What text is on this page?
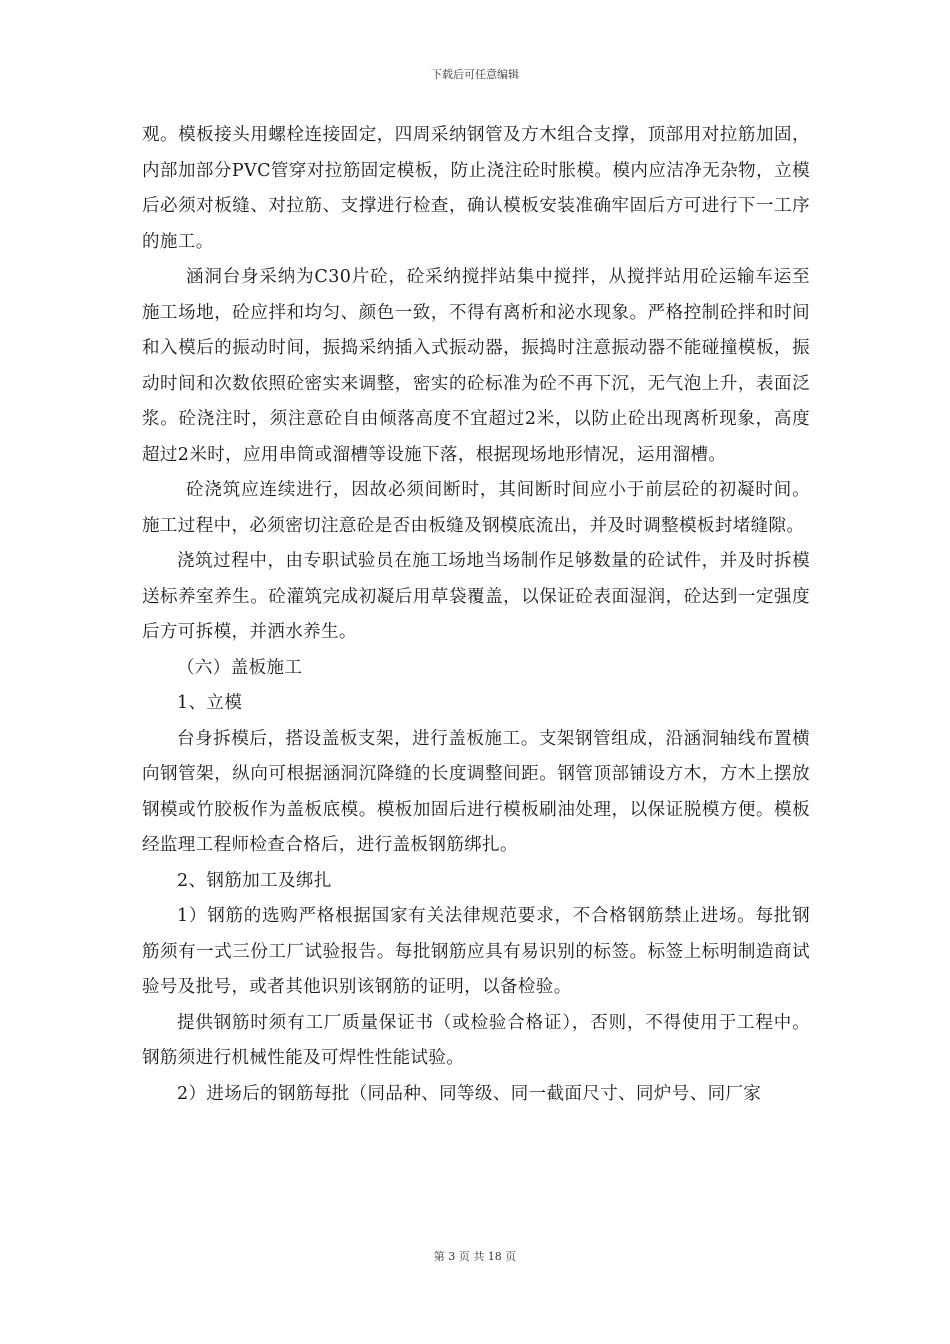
下载后可任意编辑

观。模板接头用螺栓连接固定，四周采纳钢管及方木组合支撑，顶部用对拉筋加固，内部加部分PVC管穿对拉筋固定模板，防止浇注砼时胀模。模内应洁净无杂物，立模后必须对板缝、对拉筋、支撑进行检查，确认模板安装准确牢固后方可进行下一工序的施工。

涵洞台身采纳为C30片砼，砼采纳搅拌站集中搅拌，从搅拌站用砼运输车运至施工场地，砼应拌和均匀、颜色一致，不得有离析和泌水现象。严格控制砼拌和时间和入模后的振动时间，振捣采纳插入式振动器，振捣时注意振动器不能碰撞模板，振动时间和次数依照砼密实来调整，密实的砼标准为砼不再下沉，无气泡上升，表面泛浆。砼浇注时，须注意砼自由倾落高度不宜超过2米，以防止砼出现离析现象，高度超过2米时，应用串筒或溜槽等设施下落，根据现场地形情况，运用溜槽。

砼浇筑应连续进行，因故必须间断时，其间断时间应小于前层砼的初凝时间。施工过程中，必须密切注意砼是否由板缝及钢模底流出，并及时调整模板封堵缝隙。

浇筑过程中，由专职试验员在施工场地当场制作足够数量的砼试件，并及时拆模送标养室养生。砼灌筑完成初凝后用草袋覆盖，以保证砼表面湿润，砼达到一定强度后方可拆模，并洒水养生。

（六）盖板施工

1、立模

台身拆模后，搭设盖板支架，进行盖板施工。支架钢管组成，沿涵洞轴线布置横向钢管架，纵向可根据涵洞沉降缝的长度调整间距。钢管顶部铺设方木，方木上摆放钢模或竹胶板作为盖板底模。模板加固后进行模板刷油处理，以保证脱模方便。模板经监理工程师检查合格后，进行盖板钢筋绑扎。

2、钢筋加工及绑扎

1）钢筋的选购严格根据国家有关法律规范要求，不合格钢筋禁止进场。每批钢筋须有一式三份工厂试验报告。每批钢筋应具有易识别的标签。标签上标明制造商试验号及批号，或者其他识别该钢筋的证明，以备检验。

提供钢筋时须有工厂质量保证书（或检验合格证），否则，不得使用于工程中。钢筋须进行机械性能及可焊性性能试验。

2）进场后的钢筋每批（同品种、同等级、同一截面尺寸、同炉号、同厂家

第 3 页 共 18 页
